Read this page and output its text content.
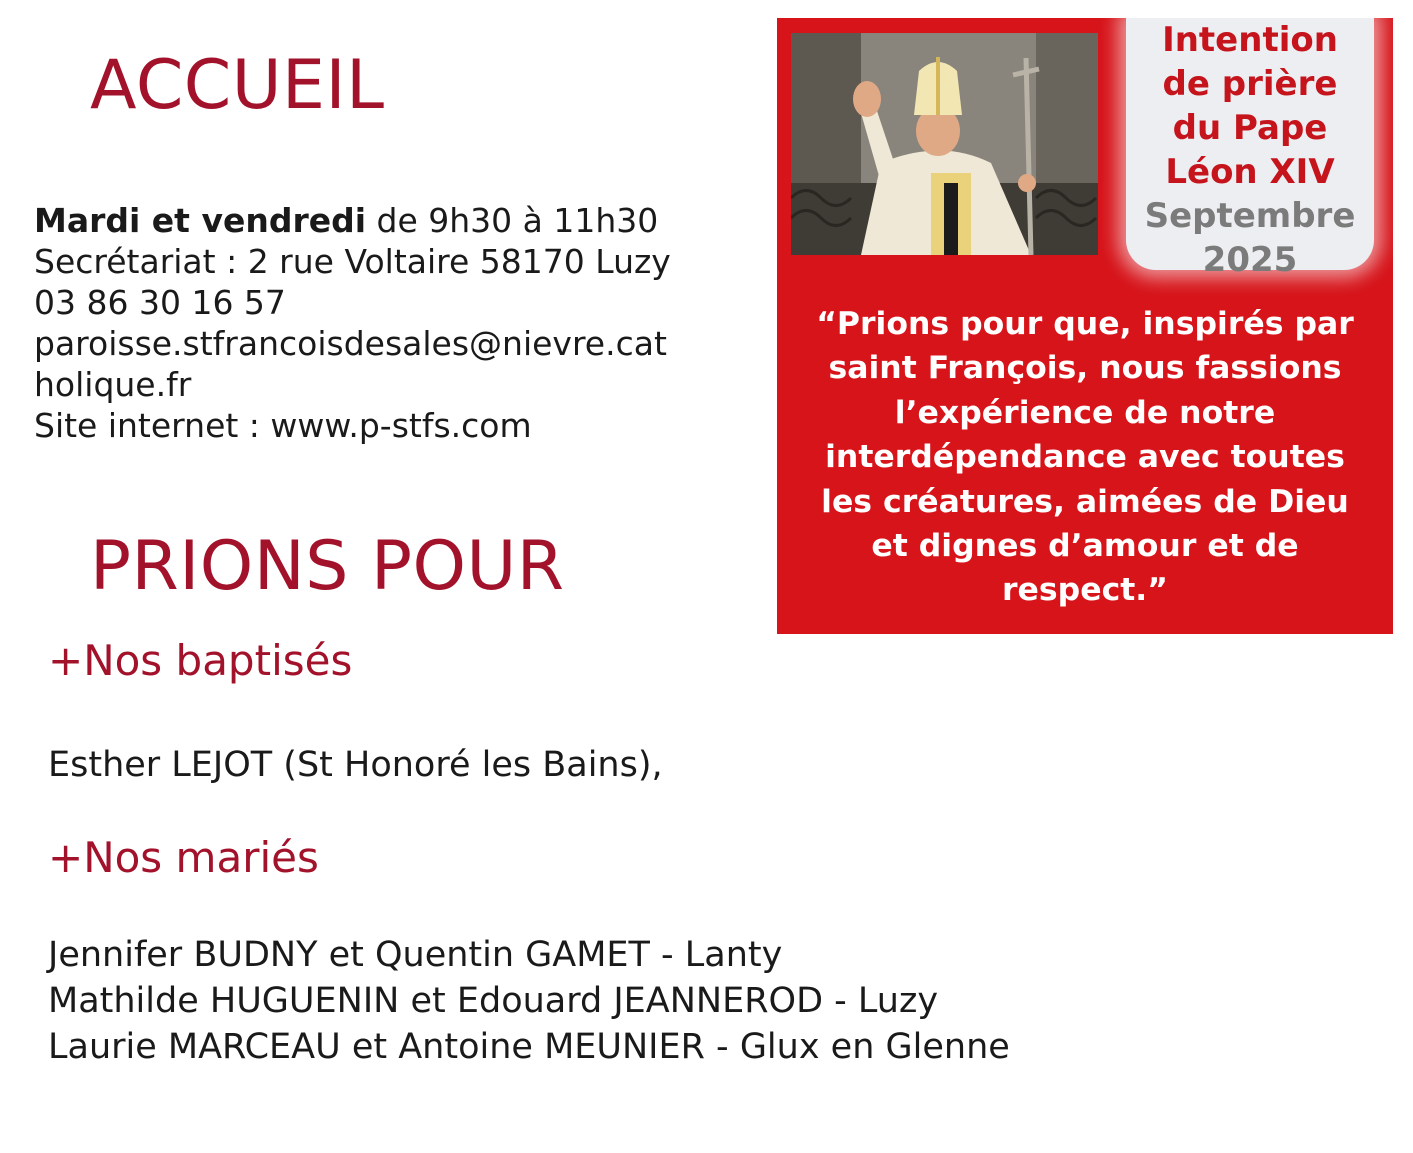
ACCUEIL
Mardi et vendredi de 9h30 à 11h30
Secrétariat : 2 rue Voltaire 58170 Luzy
03 86 30 16 57
paroisse.stfrancoisdesales@nievre.cat
holique.fr
Site internet : www.p-stfs.com
PRIONS POUR
+Nos baptisés
Esther LEJOT (St Honoré les Bains),
+Nos mariés
Jennifer BUDNY et Quentin GAMET - Lanty
Mathilde HUGUENIN et Edouard JEANNEROD - Luzy
Laurie MARCEAU et Antoine MEUNIER - Glux en Glenne
Intention
de prière
du Pape
Léon XIV
Septembre
2025
“Prions pour que, inspirés par
saint François, nous fassions
l’expérience de notre
interdépendance avec toutes
les créatures, aimées de Dieu
et dignes d’amour et de
respect.”
